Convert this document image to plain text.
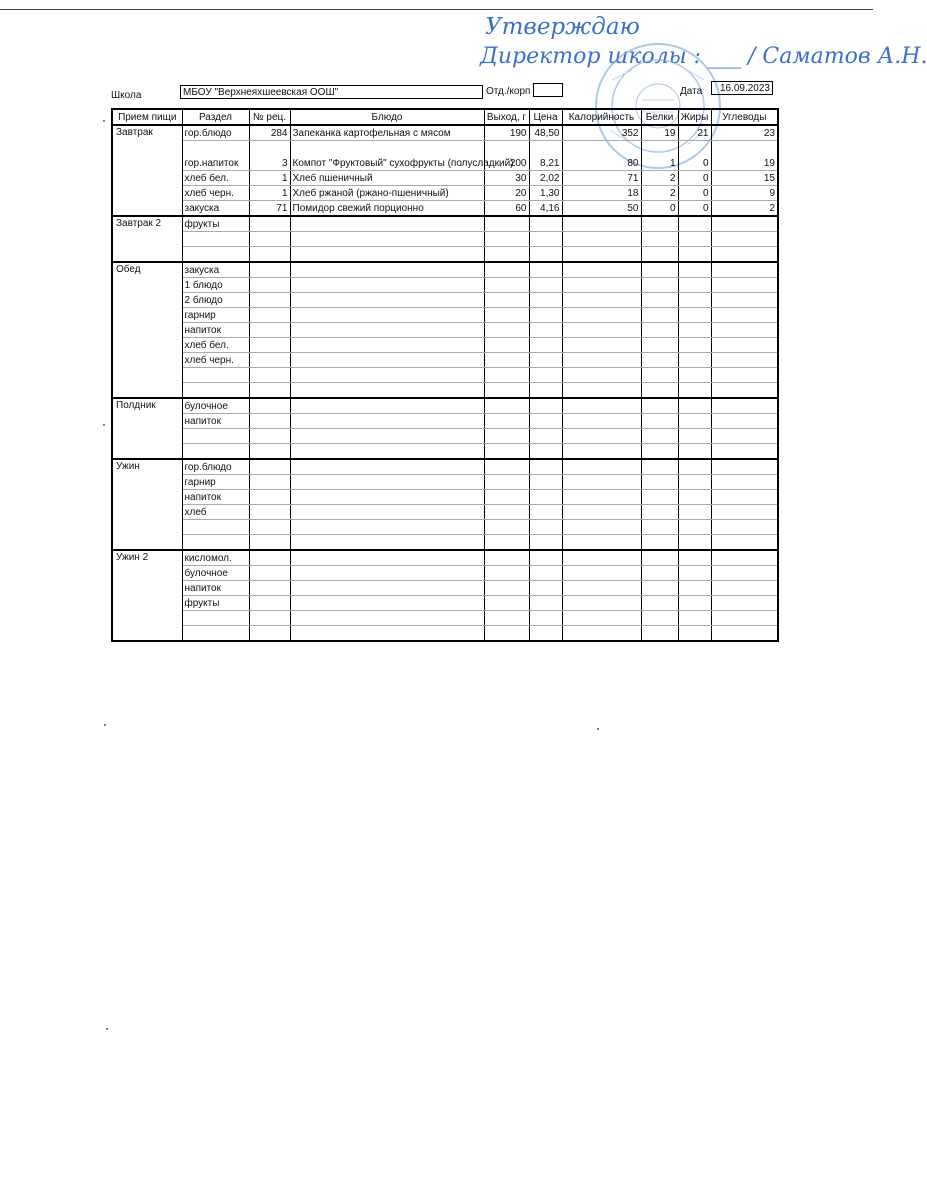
Утверждаю
Директор школы : ___ / Саматов А.Н.
Школа	МБОУ "Верхнеяхшеевская ООШ"	Отд./корп	Дата	16.09.2023
Прием пищи	Раздел	№ рец.	Блюдо	Выход, г	Цена	Калорийность	Белки	Жиры	Углеводы
Завтрак	гор.блюдо	284	Запеканка картофельная с мясом	190	48,50	352	19	21	23
	гор.напиток	3	Компот "Фруктовый" сухофрукты (полусладкий)	200	8,21	80	1	0	19
	хлеб бел.	1	Хлеб пшеничный	30	2,02	71	2	0	15
	хлеб черн.	1	Хлеб ржаной (ржано-пшеничный)	20	1,30	18	2	0	9
	закуска	71	Помидор свежий порционно	60	4,16	50	0	0	2
Завтрак 2	фрукты								

Обед	закуска								
	1 блюдо								
	2 блюдо								
	гарнир								
	напиток								
	хлеб бел.								
	хлеб черн.								

Полдник	булочное								
	напиток								

Ужин	гор.блюдо								
	гарнир								
	напиток								
	хлеб								

Ужин 2	кисломол.								
	булочное								
	напиток								
	фрукты								
